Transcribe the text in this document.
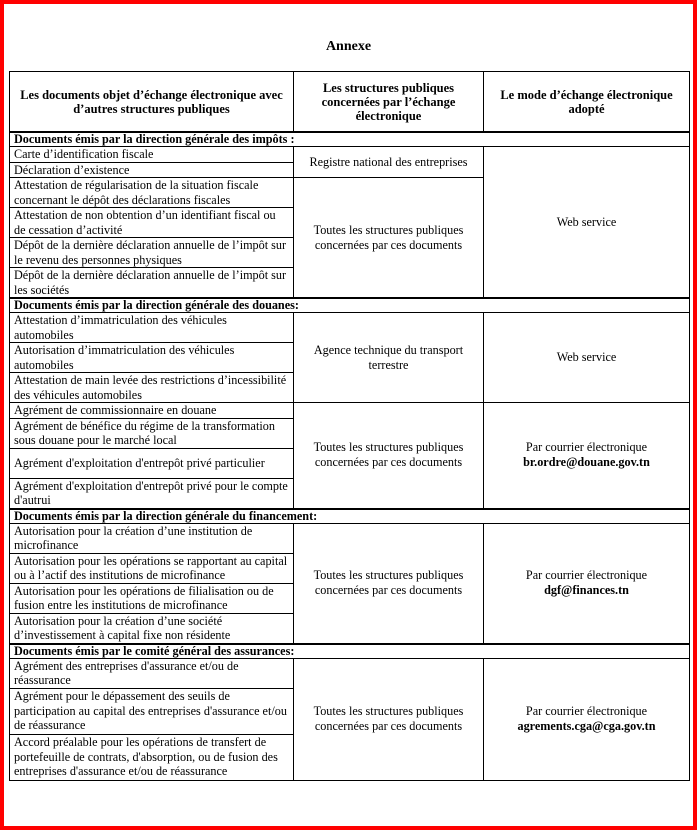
Annexe
Les documents objet d’échange électronique avec d’autres structures publiques	Les structures publiques concernées par l’échange électronique	Le mode d’échange électronique adopté
Documents émis par la direction générale des impôts :		
Carte d’identification fiscale	Registre national des entreprises	Web service
Déclaration d’existence		
Attestation de régularisation de la situation fiscale concernant le dépôt des déclarations fiscales	Toutes les structures publiques concernées par ces documents	
Attestation de non obtention d’un identifiant fiscal ou de cessation d’activité		
Dépôt de la dernière déclaration annuelle de l’impôt sur le revenu des personnes physiques		
Dépôt de la dernière déclaration annuelle de l’impôt sur les sociétés		
Documents émis par la direction générale des douanes:		
Attestation d’immatriculation des véhicules automobiles	Agence technique du transport terrestre	Web service
Autorisation d’immatriculation des véhicules automobiles		
Attestation de main levée des restrictions d’incessibilité des véhicules automobiles		
Agrément de commissionnaire en douane	Toutes les structures publiques concernées par ces documents	Par courrier électronique
br.ordre@douane.gov.tn

Agrément de bénéfice du régime de la transformation sous douane pour le marché local		
Agrément d'exploitation d'entrepôt privé particulier		
Agrément d'exploitation d'entrepôt privé pour le compte d'autrui		
Documents émis par la direction générale du financement:		
Autorisation pour la création d’une institution de microfinance	Toutes les structures publiques concernées par ces documents	Par courrier électronique
dgf@finances.tn

Autorisation pour les opérations se rapportant au capital ou à l’actif des institutions de microfinance		
Autorisation pour les opérations de filialisation ou de fusion entre les institutions de microfinance		
Autorisation pour la création d’une société d’investissement à capital fixe non résidente		
Documents émis par le comité général des assurances:		
Agrément des entreprises d'assurance et/ou de réassurance	Toutes les structures publiques concernées par ces documents	Par courrier électronique
agrements.cga@cga.gov.tn

Agrément pour le dépassement des seuils de participation au capital des entreprises d'assurance et/ou de réassurance		
Accord préalable pour les opérations de transfert de portefeuille de contrats, d'absorption, ou de fusion des entreprises d'assurance et/ou de réassurance		
